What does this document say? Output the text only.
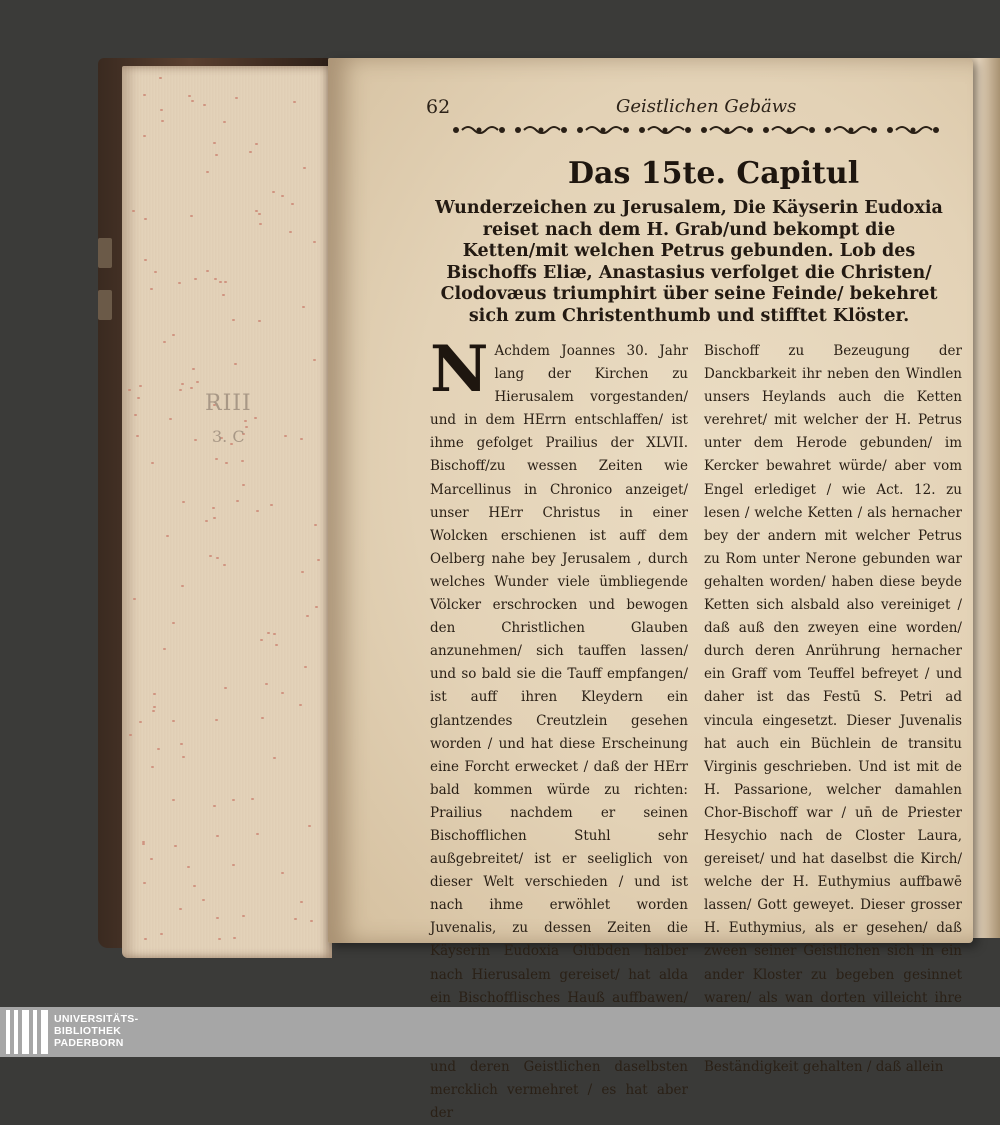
RIII
3. C
62	Geistlichen Gebäws
Das 15te. Capitul
Wunderzeichen zu Jerusalem, Die Käyserin Eudoxia reiset nach dem H. Grab/und bekompt die Ketten/mit welchen Petrus gebunden. Lob des Bischoffs Eliæ, Anastasius verfolget die Christen/ Clodovæus triumphirt über seine Feinde/ bekehret sich zum Christenthumb und stifftet Klöster.
N Achdem Joannes 30. Jahr lang der Kirchen zu Hierusalem vorgestanden/ und in dem HErrn entschlaffen/ ist ihme gefolget Prailius der XLVII. Bischoff/zu wessen Zeiten wie Marcellinus in Chronico anzeiget/ unser HErr Christus in einer Wolcken erschienen ist auff dem Oelberg nahe bey Jerusalem , durch welches Wunder viele ümbliegende Völcker erschrocken und bewogen den Christlichen Glauben anzunehmen/ sich tauffen lassen/ und so bald sie die Tauff empfangen/ ist auff ihren Kleydern ein glantzendes Creutzlein gesehen worden / und hat diese Erscheinung eine Forcht erwecket / daß der HErr bald kommen würde zu richten: Prailius nachdem er seinen Bischofflichen Stuhl sehr außgebreitet/ ist er seeliglich von dieser Welt verschieden / und ist nach ihme erwöhlet worden Juvenalis, zu dessen Zeiten die Käyserin Eudoxia Glübden halber nach Hierusalem gereiset/ hat alda ein Bischofflisches Hauß auffbawen/ und deren Geistlichen daselbsten mercklich vermehret / es hat aber der
Bischoff zu Bezeugung der Danckbarkeit ihr neben den Windlen unsers Heylands auch die Ketten verehret/ mit welcher der H. Petrus unter dem Herode gebunden/ im Kercker bewahret würde/ aber vom Engel erlediget / wie Act. 12. zu lesen / welche Ketten / als hernacher bey der andern mit welcher Petrus zu Rom unter Nerone gebunden war gehalten worden/ haben diese beyde Ketten sich alsbald also vereiniget / daß auß den zweyen eine worden/ durch deren Anrührung hernacher ein Graff vom Teuffel befreyet / und daher ist das Festū S. Petri ad vincula eingesetzt. Dieser Juvenalis hat auch ein Büchlein de transitu Virginis geschrieben. Und ist mit de H. Passarione, welcher damahlen Chor-Bischoff war / un̄ de Priester Hesychio nach de Closter Laura, gereiset/ und hat daselbst die Kirch/ welche der H. Euthymius auffbawē lassen/ Gott geweyet. Dieser grosser H. Euthymius, als er gesehen/ daß zween seiner Geistlichen sich in ein ander Kloster zu begeben gesinnet waren/ als wan dorten villeicht ihre Beständigkeit gehalten / daß allein
UNIVERSITÄTS-
BIBLIOTHEK
PADERBORN
